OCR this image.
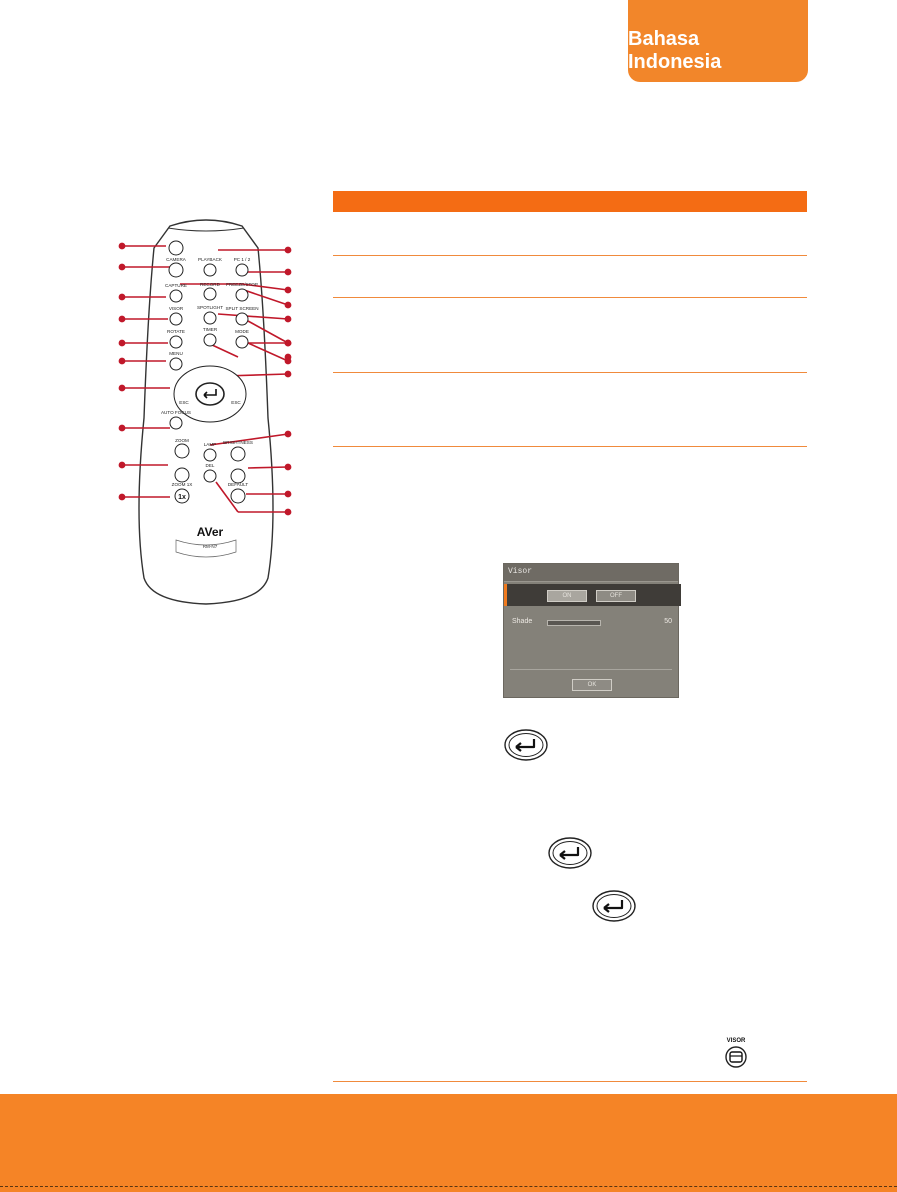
Bahasa Indonesia
CAMERA	PLAYBACK	PC 1 / 2
RECORD
CAPTURE	FREEZE/STOP
VISOR	SPOTLIGHT SPLIT SCREEN
ROTATE	TIMER	MODE
MENU
ESC	ESC
AUTO FOCUS
ZOOM
LAMP BRIGHTNESS
DEL
ZOOM 1X	DEFAULT
1x
AVer
RM-N7
Visor
ON	OFF
Shade	50
OK
VISOR
